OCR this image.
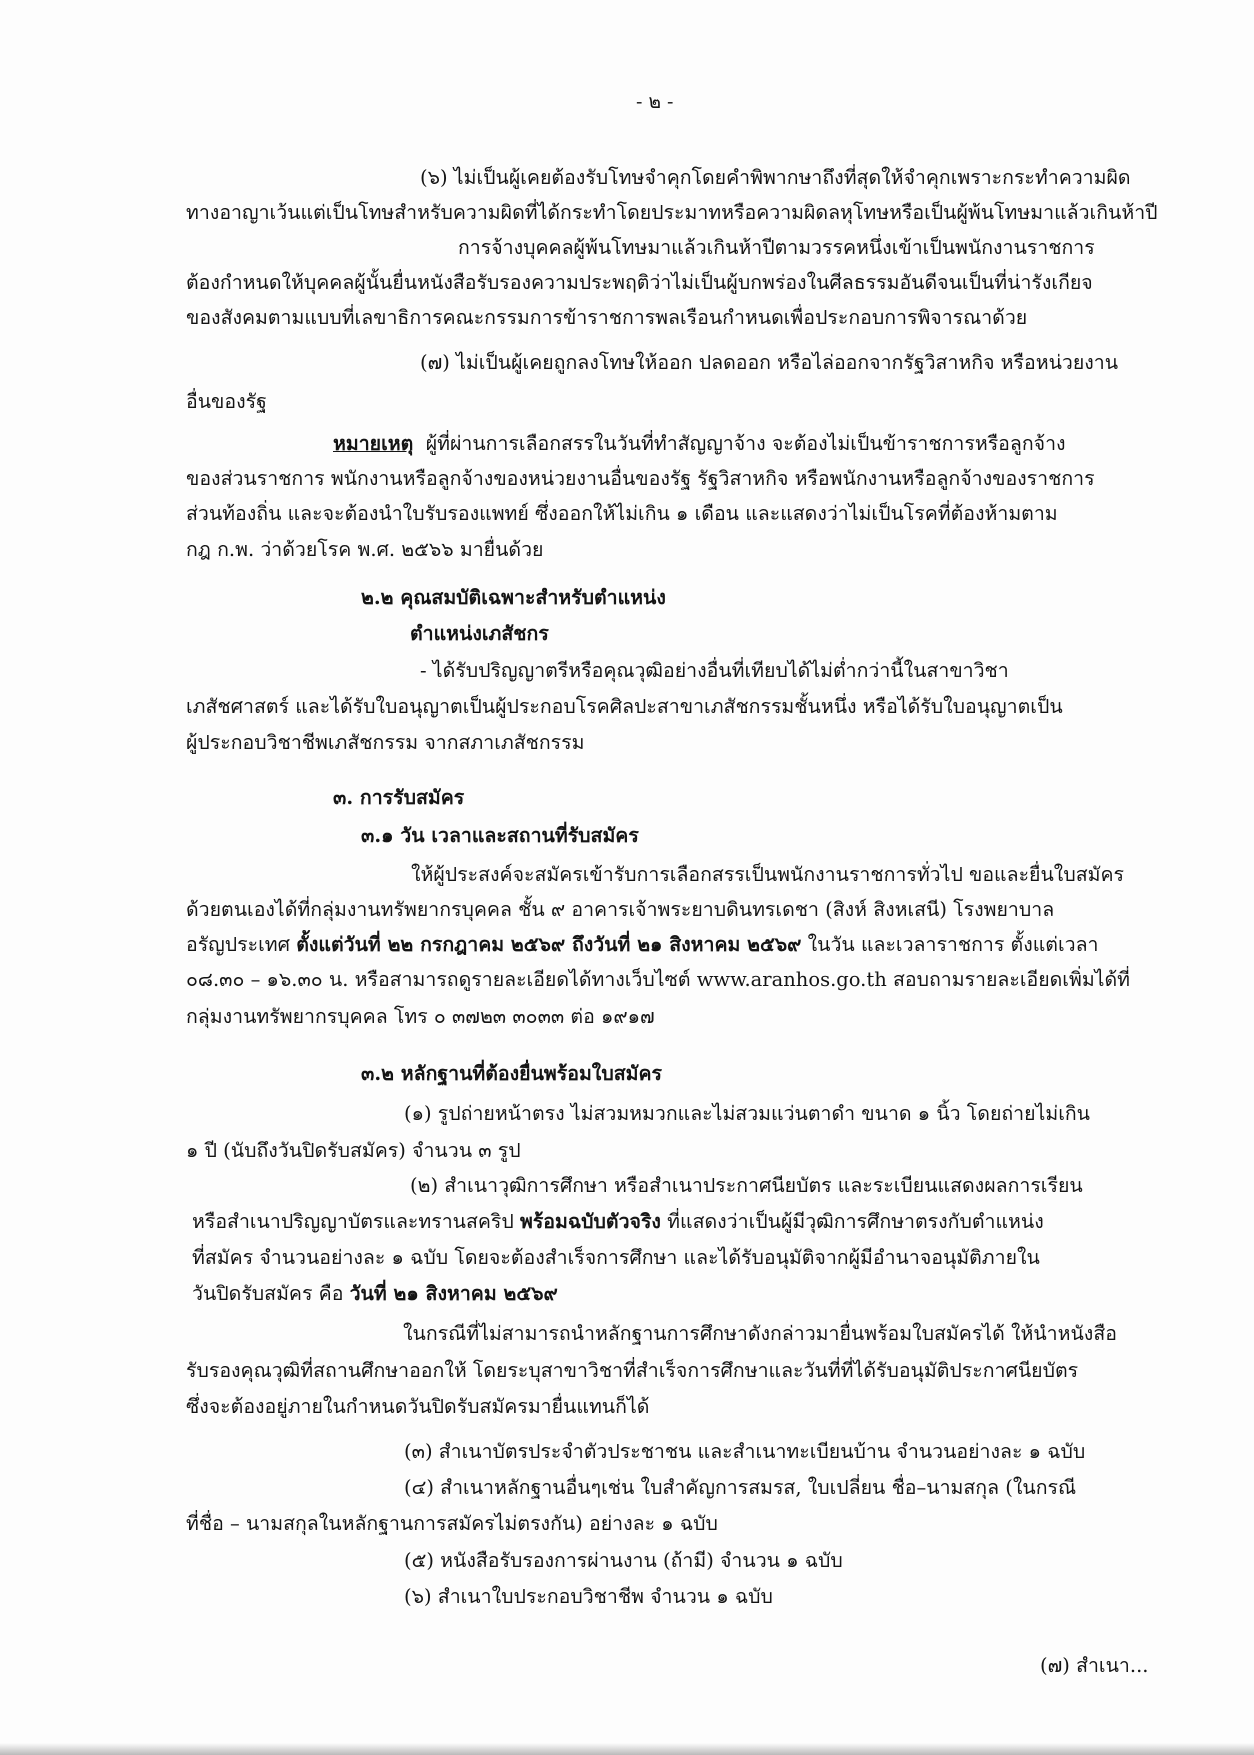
- ๒ -
(๖) ไม่เป็นผู้เคยต้องรับโทษจำคุกโดยคำพิพากษาถึงที่สุดให้จำคุกเพราะกระทำความผิด
ทางอาญาเว้นแต่เป็นโทษสำหรับความผิดที่ได้กระทำโดยประมาทหรือความผิดลหุโทษหรือเป็นผู้พ้นโทษมาแล้วเกินห้าปี
การจ้างบุคคลผู้พ้นโทษมาแล้วเกินห้าปีตามวรรคหนึ่งเข้าเป็นพนักงานราชการ
ต้องกำหนดให้บุคคลผู้นั้นยื่นหนังสือรับรองความประพฤติว่าไม่เป็นผู้บกพร่องในศีลธรรมอันดีจนเป็นที่น่ารังเกียจ
ของสังคมตามแบบที่เลขาธิการคณะกรรมการข้าราชการพลเรือนกำหนดเพื่อประกอบการพิจารณาด้วย
(๗) ไม่เป็นผู้เคยถูกลงโทษให้ออก ปลดออก หรือไล่ออกจากรัฐวิสาหกิจ หรือหน่วยงาน
อื่นของรัฐ
หมายเหตุ ผู้ที่ผ่านการเลือกสรรในวันที่ทำสัญญาจ้าง จะต้องไม่เป็นข้าราชการหรือลูกจ้าง
ของส่วนราชการ พนักงานหรือลูกจ้างของหน่วยงานอื่นของรัฐ รัฐวิสาหกิจ หรือพนักงานหรือลูกจ้างของราชการ
ส่วนท้องถิ่น และจะต้องนำใบรับรองแพทย์ ซึ่งออกให้ไม่เกิน ๑ เดือน และแสดงว่าไม่เป็นโรคที่ต้องห้ามตาม
กฎ ก.พ. ว่าด้วยโรค พ.ศ. ๒๕๖๖ มายื่นด้วย
๒.๒ คุณสมบัติเฉพาะสำหรับตำแหน่ง
ตำแหน่งเภสัชกร
- ได้รับปริญญาตรีหรือคุณวุฒิอย่างอื่นที่เทียบได้ไม่ต่ำกว่านี้ในสาขาวิชา
เภสัชศาสตร์ และได้รับใบอนุญาตเป็นผู้ประกอบโรคศิลปะสาขาเภสัชกรรมชั้นหนึ่ง หรือได้รับใบอนุญาตเป็น
ผู้ประกอบวิชาชีพเภสัชกรรม จากสภาเภสัชกรรม
๓. การรับสมัคร
๓.๑ วัน เวลาและสถานที่รับสมัคร
ให้ผู้ประสงค์จะสมัครเข้ารับการเลือกสรรเป็นพนักงานราชการทั่วไป ขอและยื่นใบสมัคร
ด้วยตนเองได้ที่กลุ่มงานทรัพยากรบุคคล ชั้น ๙ อาคารเจ้าพระยาบดินทรเดชา (สิงห์ สิงหเสนี) โรงพยาบาล
อรัญประเทศ ตั้งแต่วันที่ ๒๒ กรกฎาคม ๒๕๖๙ ถึงวันที่ ๒๑ สิงหาคม ๒๕๖๙ ในวัน และเวลาราชการ ตั้งแต่เวลา
๐๘.๓๐ – ๑๖.๓๐ น. หรือสามารถดูรายละเอียดได้ทางเว็บไซต์ www.aranhos.go.th สอบถามรายละเอียดเพิ่มได้ที่
กลุ่มงานทรัพยากรบุคคล โทร ๐ ๓๗๒๓ ๓๐๓๓ ต่อ ๑๙๑๗
๓.๒ หลักฐานที่ต้องยื่นพร้อมใบสมัคร
(๑) รูปถ่ายหน้าตรง ไม่สวมหมวกและไม่สวมแว่นตาดำ ขนาด ๑ นิ้ว โดยถ่ายไม่เกิน
๑ ปี (นับถึงวันปิดรับสมัคร) จำนวน ๓ รูป
(๒) สำเนาวุฒิการศึกษา หรือสำเนาประกาศนียบัตร และระเบียนแสดงผลการเรียน
หรือสำเนาปริญญาบัตรและทรานสคริป พร้อมฉบับตัวจริง ที่แสดงว่าเป็นผู้มีวุฒิการศึกษาตรงกับตำแหน่ง
ที่สมัคร จำนวนอย่างละ ๑ ฉบับ โดยจะต้องสำเร็จการศึกษา และได้รับอนุมัติจากผู้มีอำนาจอนุมัติภายใน
วันปิดรับสมัคร คือ วันที่ ๒๑ สิงหาคม ๒๕๖๙
ในกรณีที่ไม่สามารถนำหลักฐานการศึกษาดังกล่าวมายื่นพร้อมใบสมัครได้ ให้นำหนังสือ
รับรองคุณวุฒิที่สถานศึกษาออกให้ โดยระบุสาขาวิชาที่สำเร็จการศึกษาและวันที่ที่ได้รับอนุมัติประกาศนียบัตร
ซึ่งจะต้องอยู่ภายในกำหนดวันปิดรับสมัครมายื่นแทนก็ได้
(๓) สำเนาบัตรประจำตัวประชาชน และสำเนาทะเบียนบ้าน จำนวนอย่างละ ๑ ฉบับ
(๔) สำเนาหลักฐานอื่นๆเช่น ใบสำคัญการสมรส, ใบเปลี่ยน ชื่อ–นามสกุล (ในกรณี
ที่ชื่อ – นามสกุลในหลักฐานการสมัครไม่ตรงกัน) อย่างละ ๑ ฉบับ
(๕) หนังสือรับรองการผ่านงาน (ถ้ามี) จำนวน ๑ ฉบับ
(๖) สำเนาใบประกอบวิชาชีพ จำนวน ๑ ฉบับ
(๗) สำเนา...
